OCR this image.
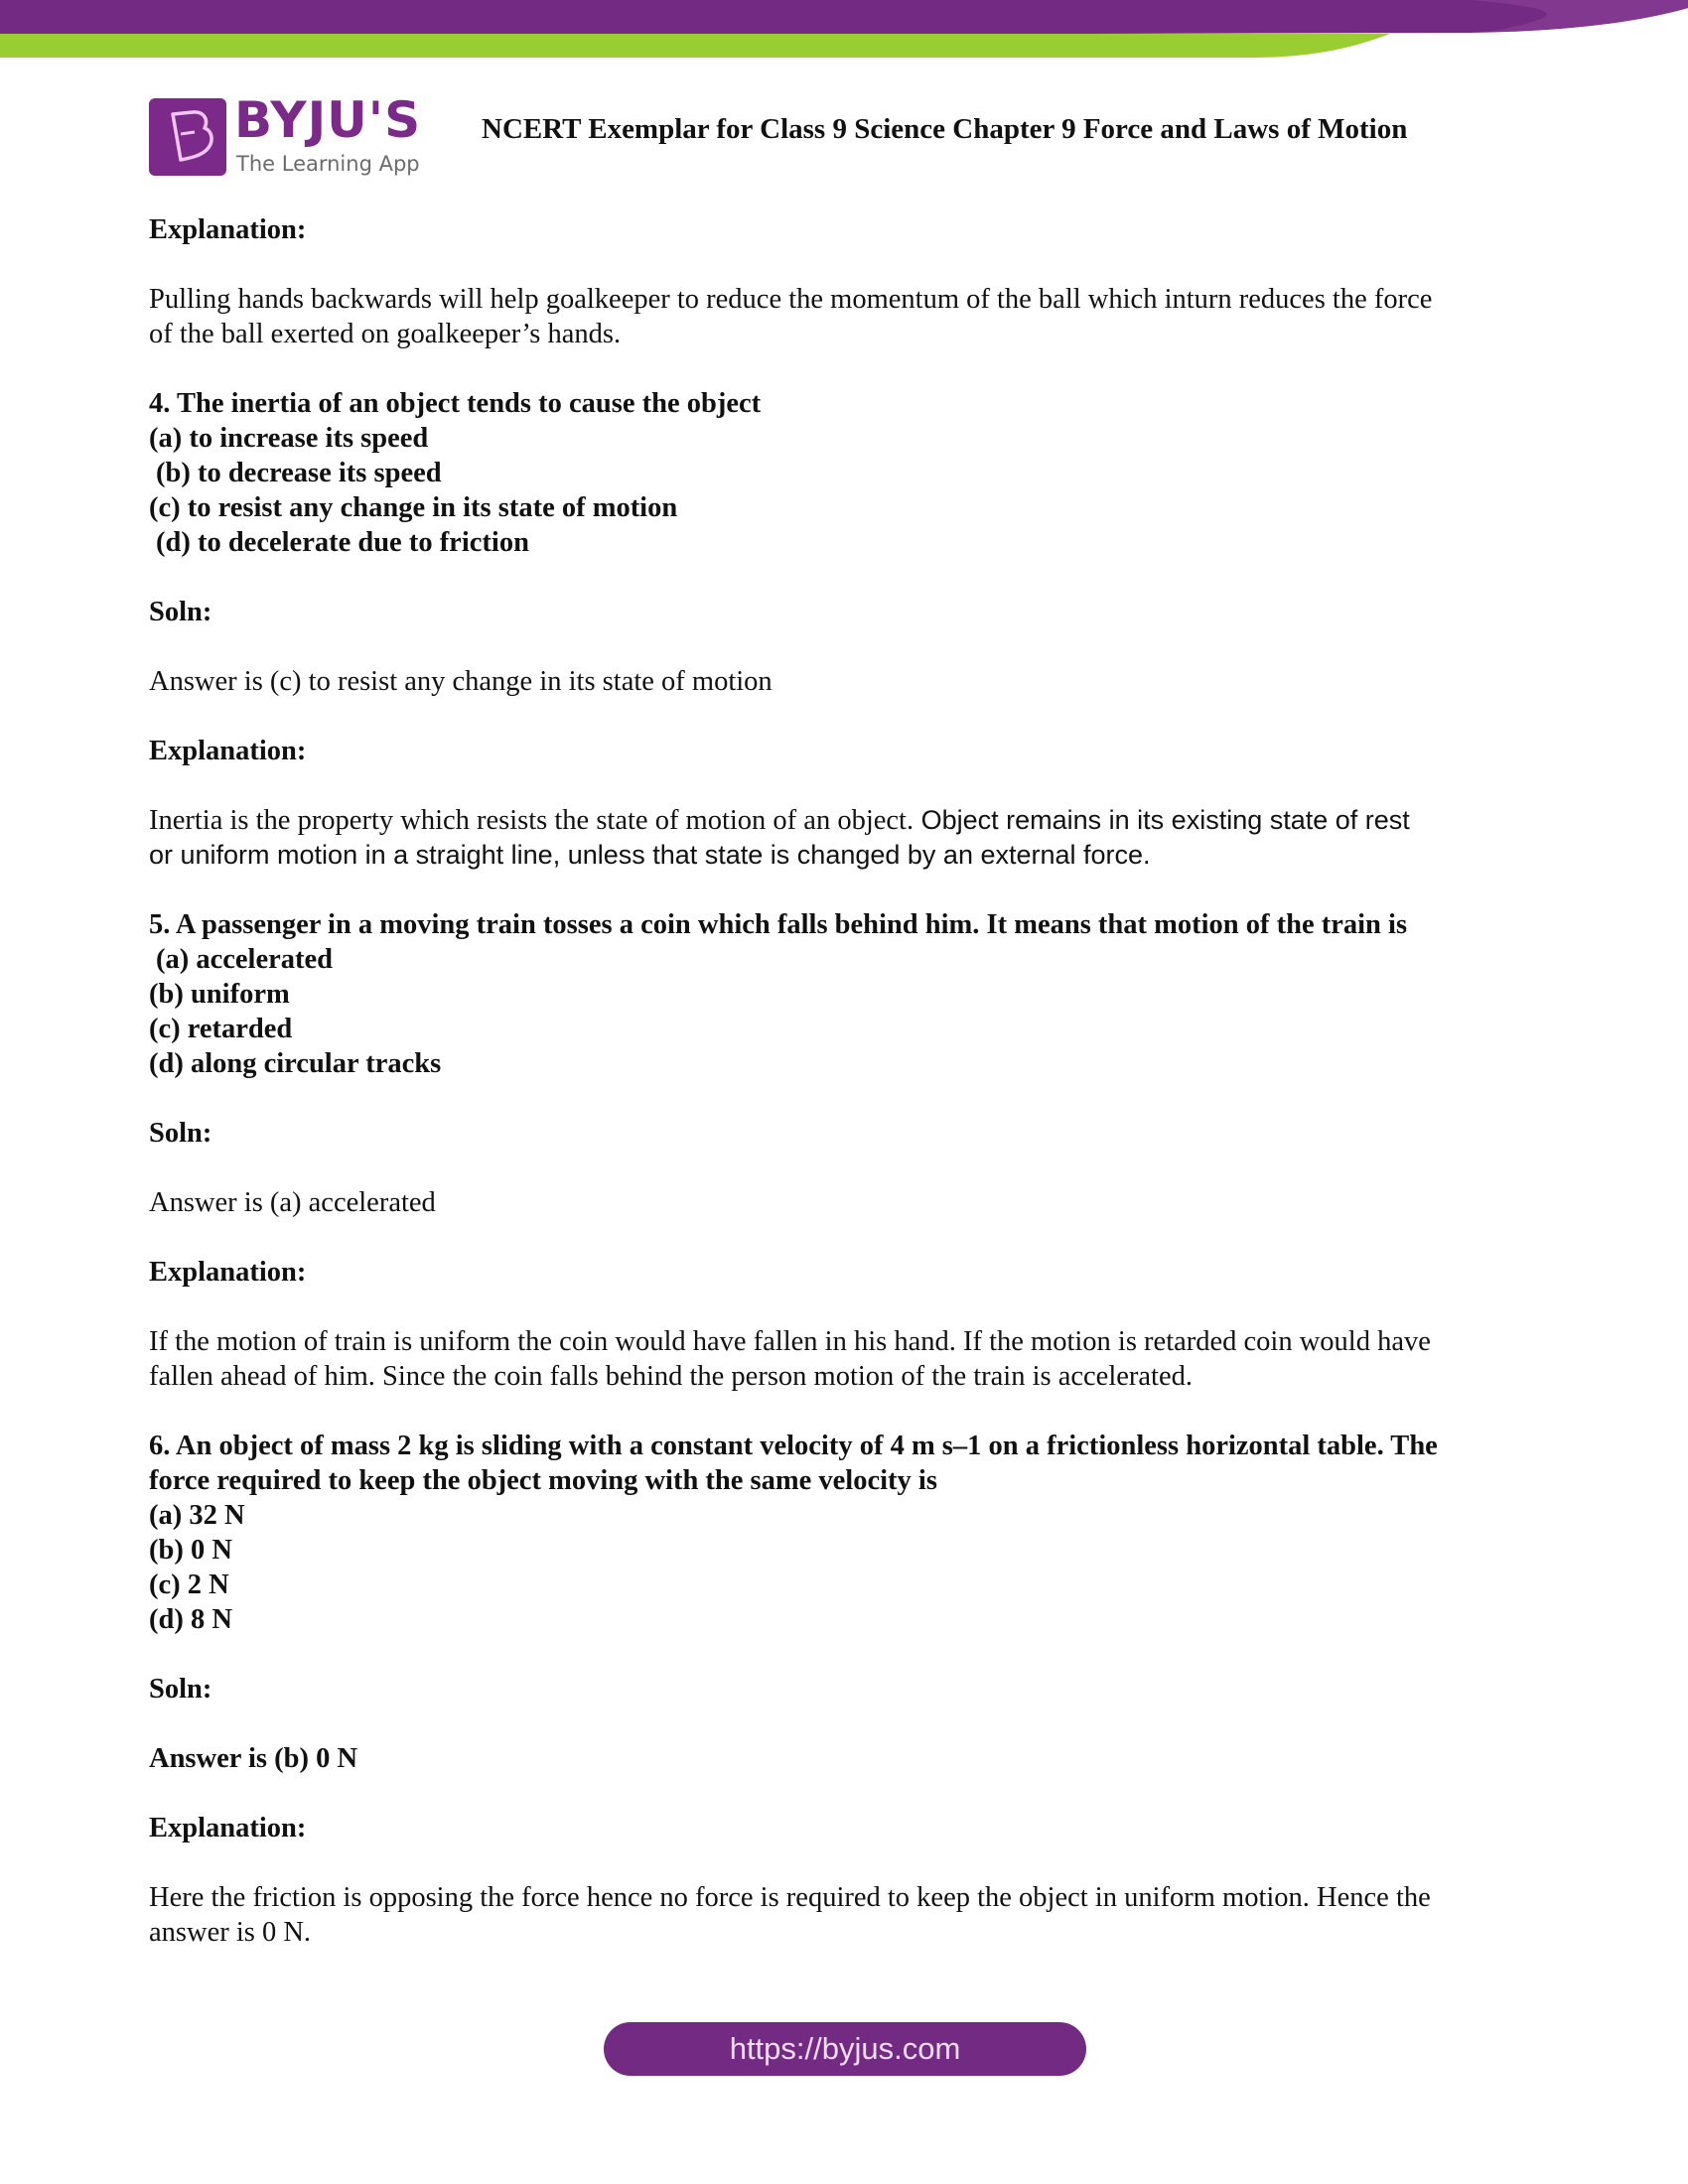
BYJU'S
The Learning App
NCERT Exemplar for Class 9 Science Chapter 9 Force and Laws of Motion

Explanation:

Pulling hands backwards will help goalkeeper to reduce the momentum of the ball which inturn reduces the force

of the ball exerted on goalkeeper’s hands.

4. The inertia of an object tends to cause the object

(a) to increase its speed

(b) to decrease its speed

(c) to resist any change in its state of motion

(d) to decelerate due to friction

Soln:

Answer is (c) to resist any change in its state of motion

Explanation:

Inertia is the property which resists the state of motion of an object. Object remains in its existing state of rest

or uniform motion in a straight line, unless that state is changed by an external force.

5. A passenger in a moving train tosses a coin which falls behind him. It means that motion of the train is

(a) accelerated

(b) uniform

(c) retarded

(d) along circular tracks

Soln:

Answer is (a) accelerated

Explanation:

If the motion of train is uniform the coin would have fallen in his hand. If the motion is retarded coin would have

fallen ahead of him. Since the coin falls behind the person motion of the train is accelerated.

6. An object of mass 2 kg is sliding with a constant velocity of 4 m s–1 on a frictionless horizontal table. The

force required to keep the object moving with the same velocity is

(a) 32 N

(b) 0 N

(c) 2 N

(d) 8 N

Soln:

Answer is (b) 0 N

Explanation:

Here the friction is opposing the force hence no force is required to keep the object in uniform motion. Hence the

answer is 0 N.

https://byjus.com
